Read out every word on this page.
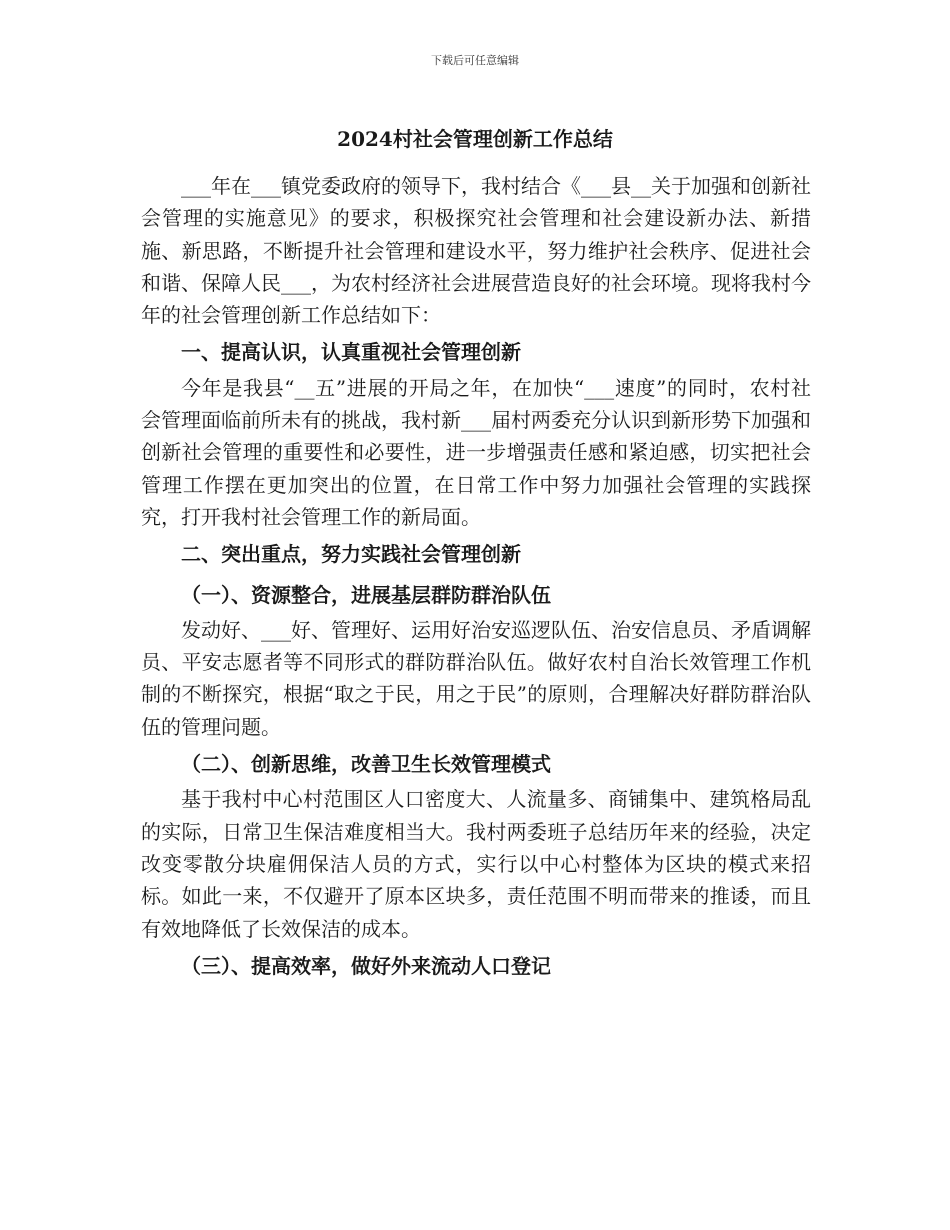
下载后可任意编辑
2024村社会管理创新工作总结

___年在___镇党委政府的领导下，我村结合《___县__关于加强和创新社会管理的实施意见》的要求，积极探究社会管理和社会建设新办法、新措施、新思路，不断提升社会管理和建设水平，努力维护社会秩序、促进社会和谐、保障人民___，为农村经济社会进展营造良好的社会环境。现将我村今年的社会管理创新工作总结如下：

一、提高认识，认真重视社会管理创新

今年是我县“__五”进展的开局之年，在加快“___速度”的同时，农村社会管理面临前所未有的挑战，我村新___届村两委充分认识到新形势下加强和创新社会管理的重要性和必要性，进一步增强责任感和紧迫感，切实把社会管理工作摆在更加突出的位置，在日常工作中努力加强社会管理的实践探究，打开我村社会管理工作的新局面。

二、突出重点，努力实践社会管理创新

（一）、资源整合，进展基层群防群治队伍

发动好、___好、管理好、运用好治安巡逻队伍、治安信息员、矛盾调解员、平安志愿者等不同形式的群防群治队伍。做好农村自治长效管理工作机制的不断探究，根据“取之于民，用之于民”的原则，合理解决好群防群治队伍的管理问题。

（二）、创新思维，改善卫生长效管理模式

基于我村中心村范围区人口密度大、人流量多、商铺集中、建筑格局乱的实际，日常卫生保洁难度相当大。我村两委班子总结历年来的经验，决定改变零散分块雇佣保洁人员的方式，实行以中心村整体为区块的模式来招标。如此一来，不仅避开了原本区块多，责任范围不明而带来的推诿，而且有效地降低了长效保洁的成本。

（三）、提高效率，做好外来流动人口登记
